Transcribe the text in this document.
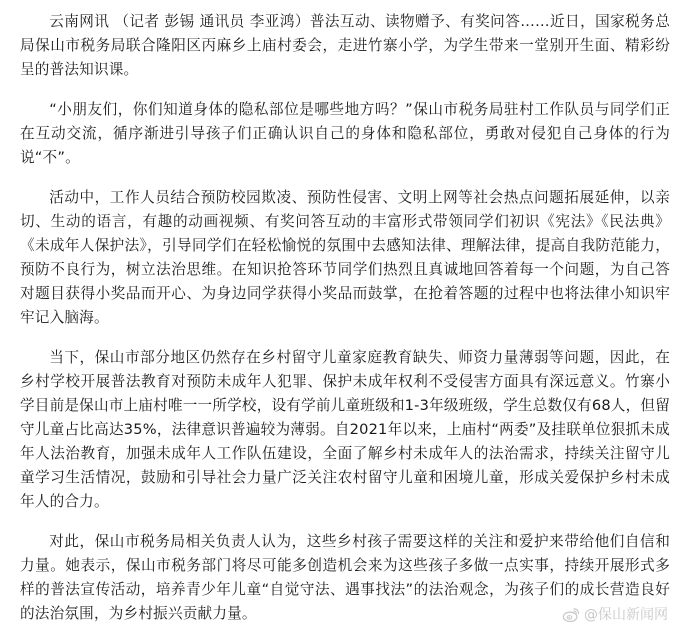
云南网讯 （记者 彭锡 通讯员 李亚鸿）普法互动、读物赠予、有奖问答……近日，国家税务总局保山市税务局联合隆阳区丙麻乡上庙村委会，走进竹寨小学，为学生带来一堂别开生面、精彩纷呈的普法知识课。

“小朋友们，你们知道身体的隐私部位是哪些地方吗？”保山市税务局驻村工作队员与同学们正在互动交流，循序渐进引导孩子们正确认识自己的身体和隐私部位，勇敢对侵犯自己身体的行为说“不”。

活动中，工作人员结合预防校园欺凌、预防性侵害、文明上网等社会热点问题拓展延伸，以亲切、生动的语言，有趣的动画视频、有奖问答互动的丰富形式带领同学们初识《宪法》《民法典》《未成年人保护法》，引导同学们在轻松愉悦的氛围中去感知法律、理解法律，提高自我防范能力，预防不良行为，树立法治思维。在知识抢答环节同学们热烈且真诚地回答着每一个问题，为自己答对题目获得小奖品而开心、为身边同学获得小奖品而鼓掌，在抢着答题的过程中也将法律小知识牢牢记入脑海。

当下，保山市部分地区仍然存在乡村留守儿童家庭教育缺失、师资力量薄弱等问题，因此，在乡村学校开展普法教育对预防未成年人犯罪、保护未成年权利不受侵害方面具有深远意义。竹寨小学目前是保山市上庙村唯一一所学校，设有学前儿童班级和1-3年级班级，学生总数仅有68人，但留守儿童占比高达35%，法律意识普遍较为薄弱。自2021年以来，上庙村“两委”及挂联单位狠抓未成年人法治教育，加强未成年人工作队伍建设，全面了解乡村未成年人的法治需求，持续关注留守儿童学习生活情况，鼓励和引导社会力量广泛关注农村留守儿童和困境儿童，形成关爱保护乡村未成年人的合力。

对此，保山市税务局相关负责人认为，这些乡村孩子需要这样的关注和爱护来带给他们自信和力量。她表示，保山市税务部门将尽可能多创造机会来为这些孩子多做一点实事，持续开展形式多样的普法宣传活动，培养青少年儿童“自觉守法、遇事找法”的法治观念，为孩子们的成长营造良好的法治氛围，为乡村振兴贡献力量。	@保山新闻网
